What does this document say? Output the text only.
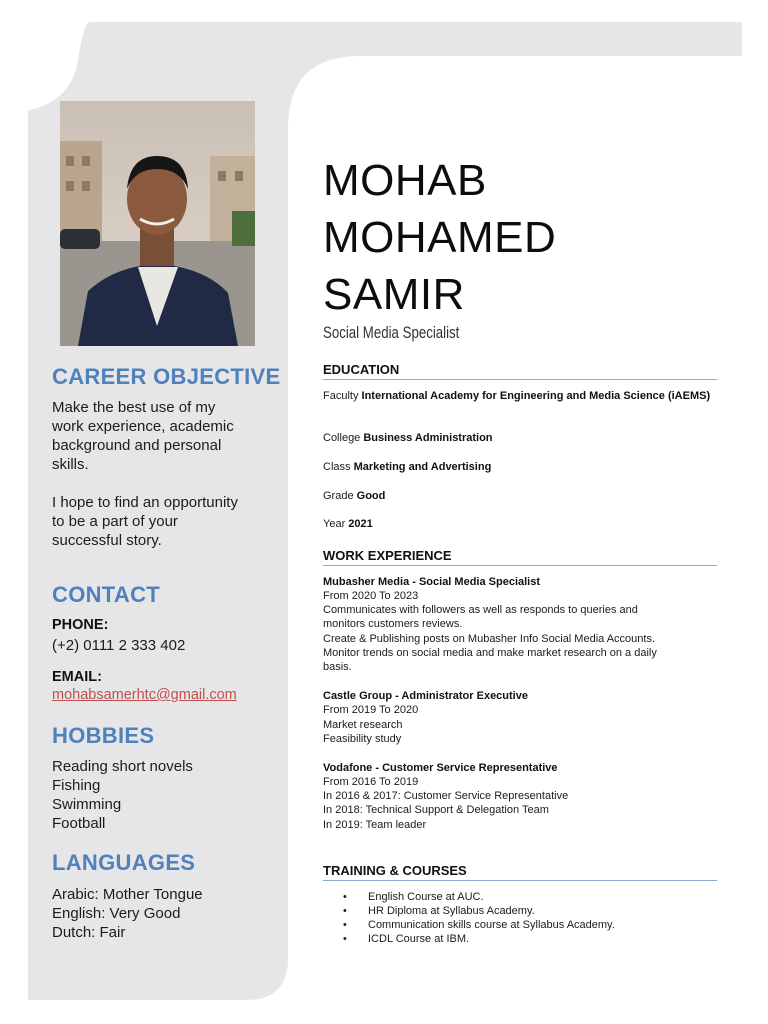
CAREER OBJECTIVE

Make the best use of my

work experience, academic

background and personal

skills.

I hope to find an opportunity

to be a part of your

successful story.

CONTACT

PHONE:

(+2) 0111 2 333 402

EMAIL:

mohabsamerhtc@gmail.com
HOBBIES

Reading short novels

Fishing

Swimming

Football

LANGUAGES

Arabic: Mother Tongue

English: Very Good

Dutch: Fair

MOHAB
MOHAMED
SAMIR
Social Media Specialist
EDUCATION

Faculty International Academy for Engineering and Media Science (iAEMS)

College Business Administration

Class Marketing and Advertising

Grade Good

Year 2021

WORK EXPERIENCE

Mubasher Media - Social Media Specialist

From 2020 To 2023

Communicates with followers as well as responds to queries and

monitors customers reviews.

Create & Publishing posts on Mubasher Info Social Media Accounts.

Monitor trends on social media and make market research on a daily

basis.

Castle Group - Administrator Executive

From 2019 To 2020

Market research

Feasibility study

Vodafone - Customer Service Representative

From 2016 To 2019

In 2016 & 2017: Customer Service Representative

In 2018: Technical Support & Delegation Team

In 2019: Team leader

TRAINING & COURSES

• English Course at AUC.

• HR Diploma at Syllabus Academy.

• Communication skills course at Syllabus Academy.

• ICDL Course at IBM.
